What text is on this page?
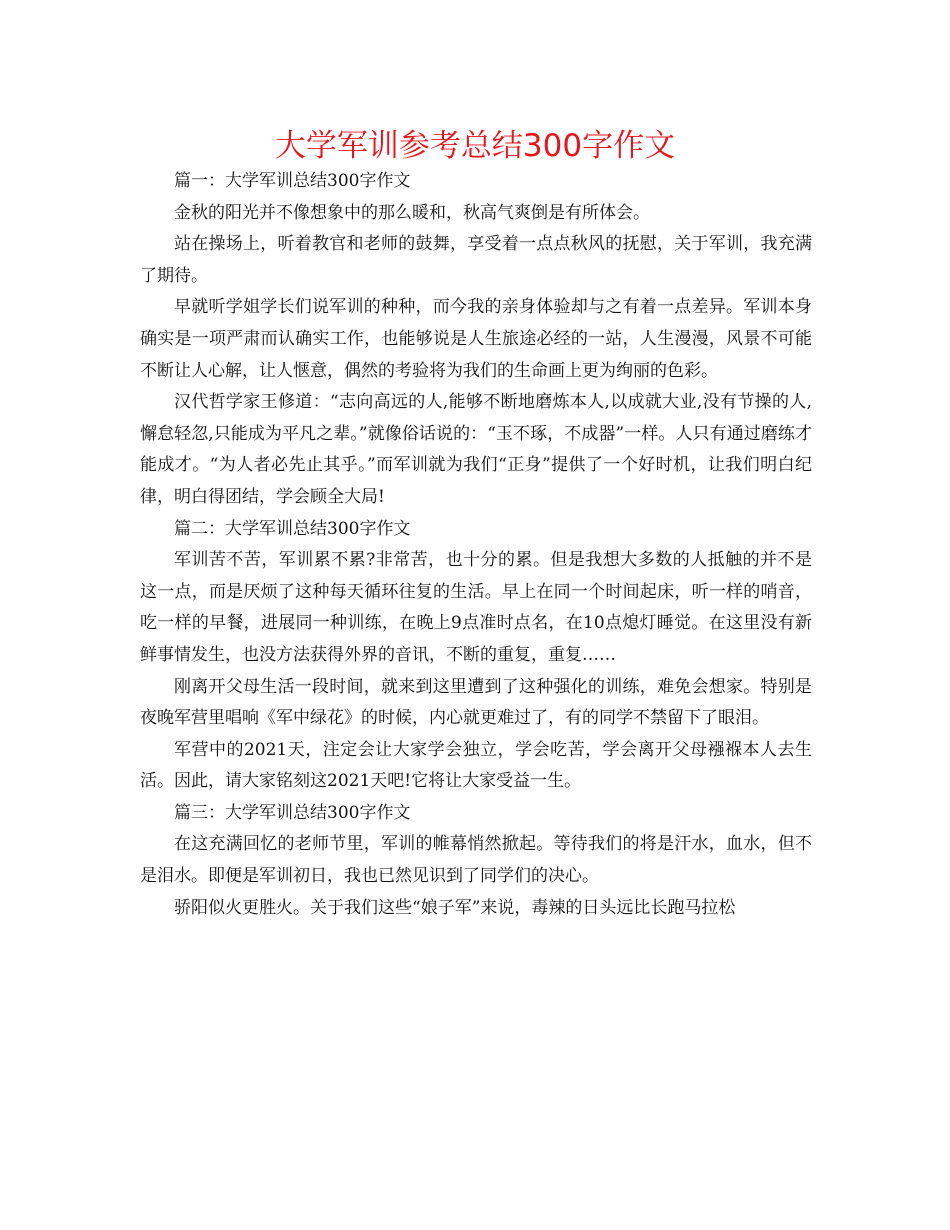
大学军训参考总结300字作文

篇一：大学军训总结300字作文

金秋的阳光并不像想象中的那么暖和，秋高气爽倒是有所体会。

站在操场上，听着教官和老师的鼓舞，享受着一点点秋风的抚慰，关于军训，我充满了期待。

早就听学姐学长们说军训的种种，而今我的亲身体验却与之有着一点差异。军训本身确实是一项严肃而认确实工作，也能够说是人生旅途必经的一站，人生漫漫，风景不可能不断让人心解，让人惬意，偶然的考验将为我们的生命画上更为绚丽的色彩。

汉代哲学家王修道：“志向高远的人,能够不断地磨炼本人,以成就大业,没有节操的人,懈怠轻忽,只能成为平凡之辈。”就像俗话说的：“玉不琢，不成器”一样。人只有通过磨练才能成才。“为人者必先止其乎。”而军训就为我们“正身”提供了一个好时机，让我们明白纪律，明白得团结，学会顾全大局!

篇二：大学军训总结300字作文

军训苦不苦，军训累不累?非常苦，也十分的累。但是我想大多数的人抵触的并不是这一点，而是厌烦了这种每天循环往复的生活。早上在同一个时间起床，听一样的哨音，吃一样的早餐，进展同一种训练，在晚上9点准时点名，在10点熄灯睡觉。在这里没有新鲜事情发生，也没方法获得外界的音讯，不断的重复，重复……

刚离开父母生活一段时间，就来到这里遭到了这种强化的训练，难免会想家。特别是夜晚军营里唱响《军中绿花》的时候，内心就更难过了，有的同学不禁留下了眼泪。

军营中的2021天，注定会让大家学会独立，学会吃苦，学会离开父母襁褓本人去生活。因此，请大家铭刻这2021天吧!它将让大家受益一生。

篇三：大学军训总结300字作文

在这充满回忆的老师节里，军训的帷幕悄然掀起。等待我们的将是汗水，血水，但不是泪水。即便是军训初日，我也已然见识到了同学们的决心。

骄阳似火更胜火。关于我们这些“娘子军”来说，毒辣的日头远比长跑马拉松
